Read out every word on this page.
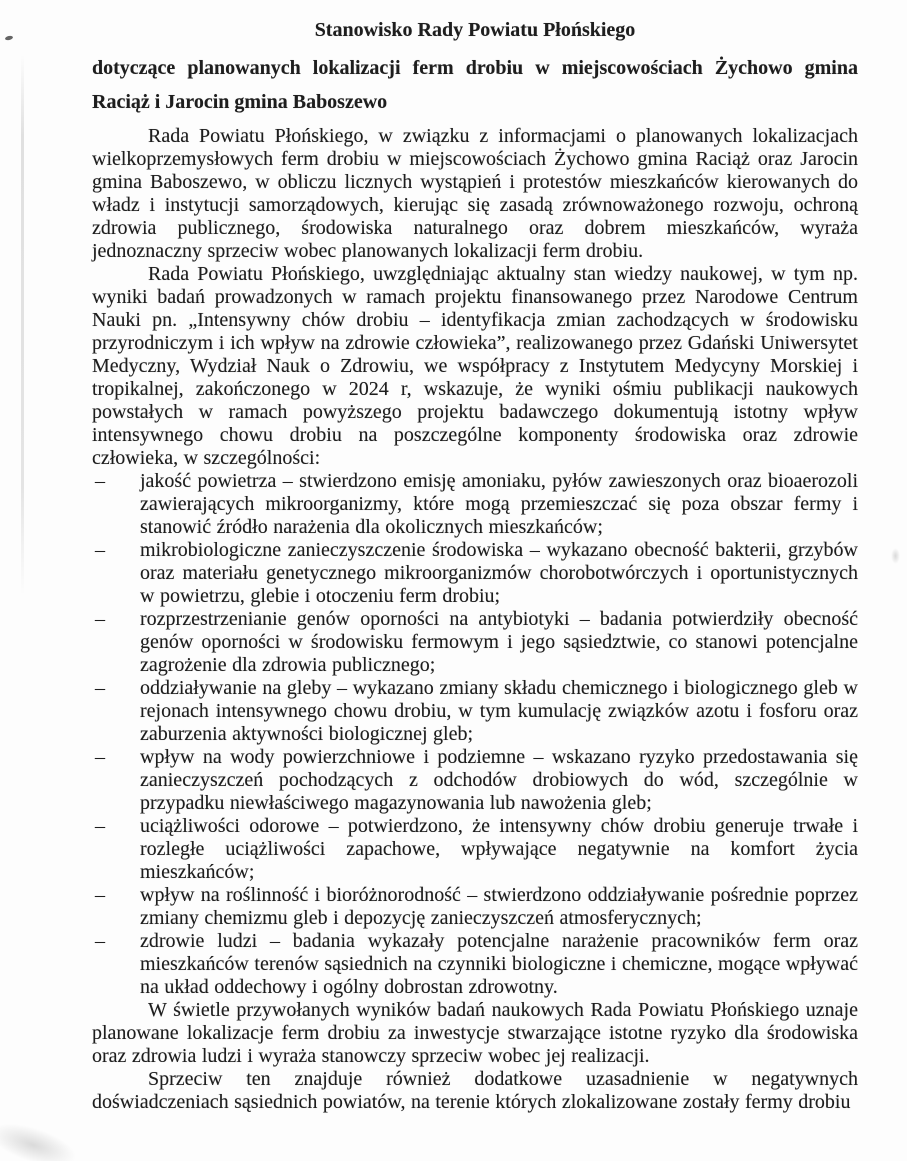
Stanowisko Rady Powiatu Płońskiego
dotyczące planowanych lokalizacji ferm drobiu w miejscowościach Żychowo gmina Raciąż i Jarocin gmina Baboszewo

Rada Powiatu Płońskiego, w związku z informacjami o planowanych lokalizacjach wielkoprzemysłowych ferm drobiu w miejscowościach Żychowo gmina Raciąż oraz Jarocin gmina Baboszewo, w obliczu licznych wystąpień i protestów mieszkańców kierowanych do władz i instytucji samorządowych, kierując się zasadą zrównoważonego rozwoju, ochroną zdrowia publicznego, środowiska naturalnego oraz dobrem mieszkańców, wyraża jednoznaczny sprzeciw wobec planowanych lokalizacji ferm drobiu.

Rada Powiatu Płońskiego, uwzględniając aktualny stan wiedzy naukowej, w tym np. wyniki badań prowadzonych w ramach projektu finansowanego przez Narodowe Centrum Nauki pn. „Intensywny chów drobiu – identyfikacja zmian zachodzących w środowisku przyrodniczym i ich wpływ na zdrowie człowieka”, realizowanego przez Gdański Uniwersytet Medyczny, Wydział Nauk o Zdrowiu, we współpracy z Instytutem Medycyny Morskiej i tropikalnej, zakończonego w 2024 r, wskazuje, że wyniki ośmiu publikacji naukowych powstałych w ramach powyższego projektu badawczego dokumentują istotny wpływ intensywnego chowu drobiu na poszczególne komponenty środowiska oraz zdrowie człowieka, w szczególności:

– jakość powietrza – stwierdzono emisję amoniaku, pyłów zawieszonych oraz bioaerozoli zawierających mikroorganizmy, które mogą przemieszczać się poza obszar fermy i stanowić źródło narażenia dla okolicznych mieszkańców;
– mikrobiologiczne zanieczyszczenie środowiska – wykazano obecność bakterii, grzybów oraz materiału genetycznego mikroorganizmów chorobotwórczych i oportunistycznych w powietrzu, glebie i otoczeniu ferm drobiu;
– rozprzestrzenianie genów oporności na antybiotyki – badania potwierdziły obecność genów oporności w środowisku fermowym i jego sąsiedztwie, co stanowi potencjalne zagrożenie dla zdrowia publicznego;
– oddziaływanie na gleby – wykazano zmiany składu chemicznego i biologicznego gleb w rejonach intensywnego chowu drobiu, w tym kumulację związków azotu i fosforu oraz zaburzenia aktywności biologicznej gleb;
– wpływ na wody powierzchniowe i podziemne – wskazano ryzyko przedostawania się zanieczyszczeń pochodzących z odchodów drobiowych do wód, szczególnie w przypadku niewłaściwego magazynowania lub nawożenia gleb;
– uciążliwości odorowe – potwierdzono, że intensywny chów drobiu generuje trwałe i rozległe uciążliwości zapachowe, wpływające negatywnie na komfort życia mieszkańców;
– wpływ na roślinność i bioróżnorodność – stwierdzono oddziaływanie pośrednie poprzez zmiany chemizmu gleb i depozycję zanieczyszczeń atmosferycznych;
– zdrowie ludzi – badania wykazały potencjalne narażenie pracowników ferm oraz mieszkańców terenów sąsiednich na czynniki biologiczne i chemiczne, mogące wpływać na układ oddechowy i ogólny dobrostan zdrowotny.

W świetle przywołanych wyników badań naukowych Rada Powiatu Płońskiego uznaje planowane lokalizacje ferm drobiu za inwestycje stwarzające istotne ryzyko dla środowiska oraz zdrowia ludzi i wyraża stanowczy sprzeciw wobec jej realizacji.

Sprzeciw ten znajduje również dodatkowe uzasadnienie w negatywnych doświadczeniach sąsiednich powiatów, na terenie których zlokalizowane zostały fermy drobiu
